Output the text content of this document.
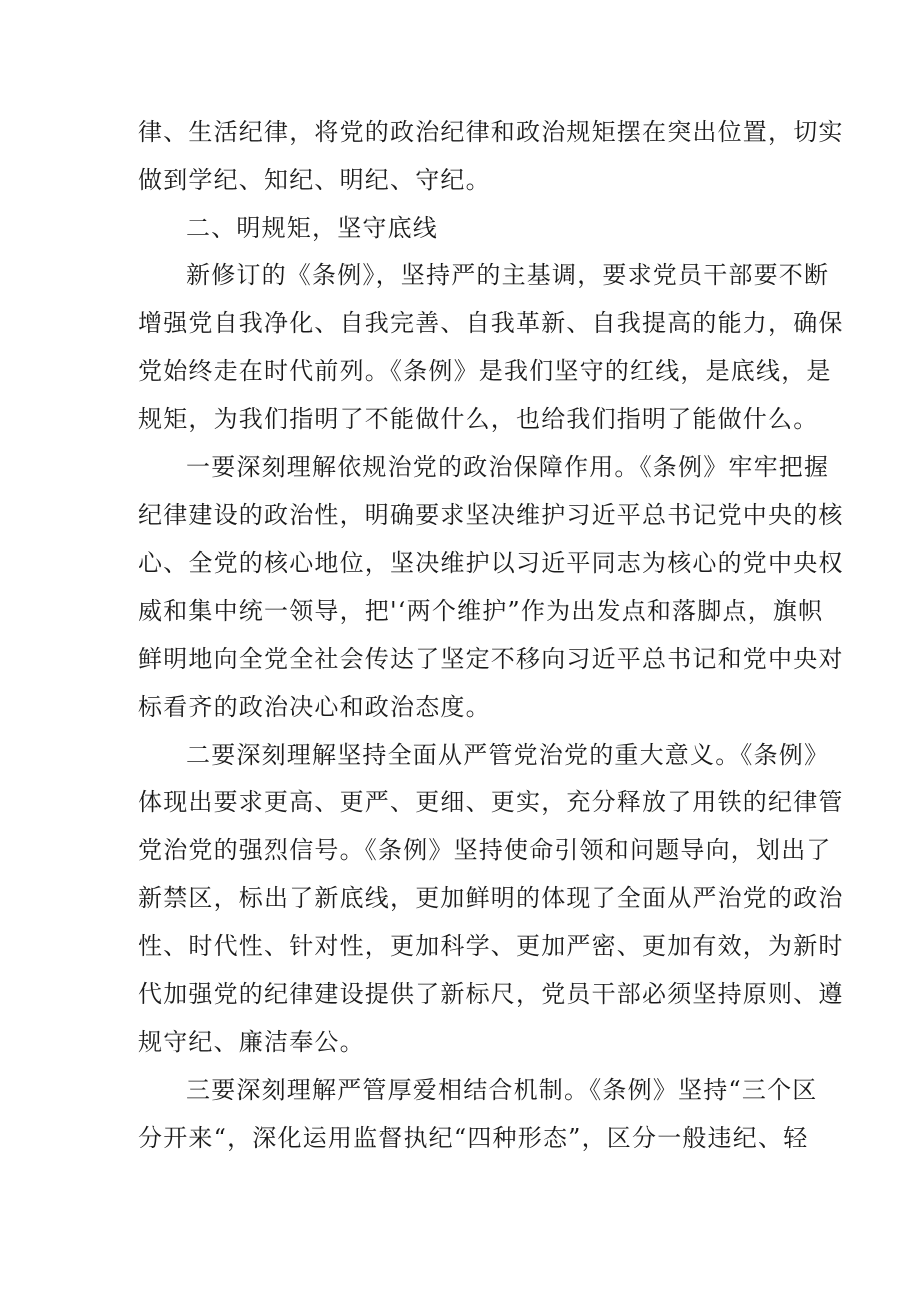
律、生活纪律，将党的政治纪律和政治规矩摆在突出位置，切实

做到学纪、知纪、明纪、守纪。

二、明规矩，坚守底线

新修订的《条例》，坚持严的主基调，要求党员干部要不断

增强党自我净化、自我完善、自我革新、自我提高的能力，确保

党始终走在时代前列。《条例》是我们坚守的红线，是底线，是

规矩，为我们指明了不能做什么，也给我们指明了能做什么。

一要深刻理解依规治党的政治保障作用。《条例》牢牢把握

纪律建设的政治性，明确要求坚决维护习近平总书记党中央的核

心、全党的核心地位，坚决维护以习近平同志为核心的党中央权

威和集中统一领导，把'‘两个维护”作为出发点和落脚点，旗帜

鲜明地向全党全社会传达了坚定不移向习近平总书记和党中央对

标看齐的政治决心和政治态度。

二要深刻理解坚持全面从严管党治党的重大意义。《条例》

体现出要求更高、更严、更细、更实，充分释放了用铁的纪律管

党治党的强烈信号。《条例》坚持使命引领和问题导向，划出了

新禁区，标出了新底线，更加鲜明的体现了全面从严治党的政治

性、时代性、针对性，更加科学、更加严密、更加有效，为新时

代加强党的纪律建设提供了新标尺，党员干部必须坚持原则、遵

规守纪、廉洁奉公。

三要深刻理解严管厚爱相结合机制。《条例》坚持“三个区

分开来“，深化运用监督执纪“四种形态”，区分一般违纪、轻
